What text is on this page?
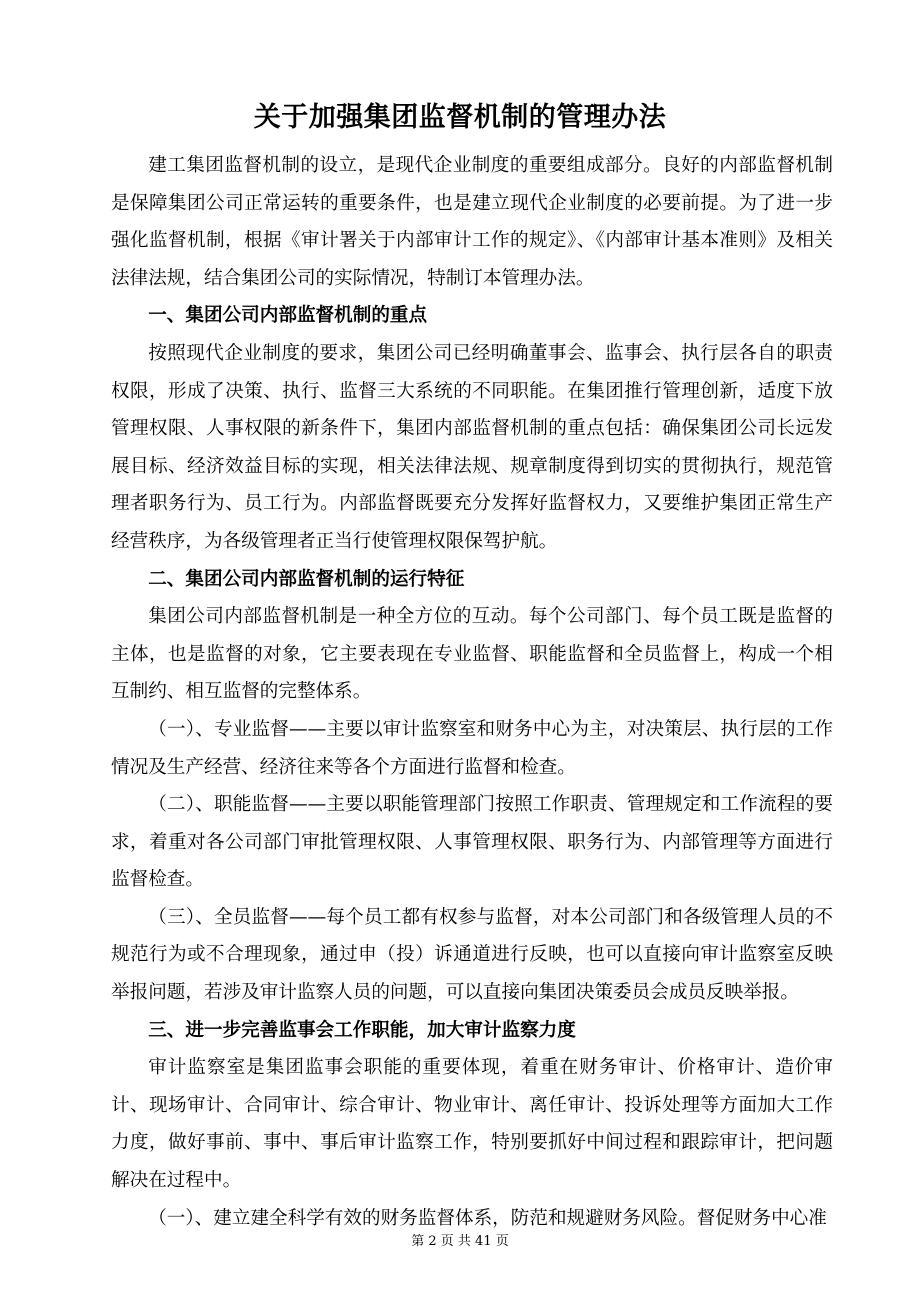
关于加强集团监督机制的管理办法

建工集团监督机制的设立，是现代企业制度的重要组成部分。良好的内部监督机制是保障集团公司正常运转的重要条件，也是建立现代企业制度的必要前提。为了进一步强化监督机制，根据《审计署关于内部审计工作的规定》、《内部审计基本准则》及相关法律法规，结合集团公司的实际情况，特制订本管理办法。

一、集团公司内部监督机制的重点

按照现代企业制度的要求，集团公司已经明确董事会、监事会、执行层各自的职责权限，形成了决策、执行、监督三大系统的不同职能。在集团推行管理创新，适度下放管理权限、人事权限的新条件下，集团内部监督机制的重点包括：确保集团公司长远发展目标、经济效益目标的实现，相关法律法规、规章制度得到切实的贯彻执行，规范管理者职务行为、员工行为。内部监督既要充分发挥好监督权力，又要维护集团正常生产经营秩序，为各级管理者正当行使管理权限保驾护航。

二、集团公司内部监督机制的运行特征

集团公司内部监督机制是一种全方位的互动。每个公司部门、每个员工既是监督的主体，也是监督的对象，它主要表现在专业监督、职能监督和全员监督上，构成一个相互制约、相互监督的完整体系。

（一）、专业监督——主要以审计监察室和财务中心为主，对决策层、执行层的工作情况及生产经营、经济往来等各个方面进行监督和检查。

（二）、职能监督——主要以职能管理部门按照工作职责、管理规定和工作流程的要求，着重对各公司部门审批管理权限、人事管理权限、职务行为、内部管理等方面进行监督检查。

（三）、全员监督——每个员工都有权参与监督，对本公司部门和各级管理人员的不规范行为或不合理现象，通过申（投）诉通道进行反映，也可以直接向审计监察室反映举报问题，若涉及审计监察人员的问题，可以直接向集团决策委员会成员反映举报。

三、进一步完善监事会工作职能，加大审计监察力度

审计监察室是集团监事会职能的重要体现，着重在财务审计、价格审计、造价审计、现场审计、合同审计、综合审计、物业审计、离任审计、投诉处理等方面加大工作力度，做好事前、事中、事后审计监察工作，特别要抓好中间过程和跟踪审计，把问题解决在过程中。

（一）、建立建全科学有效的财务监督体系，防范和规避财务风险。督促财务中心准

第 2 页 共 41 页
